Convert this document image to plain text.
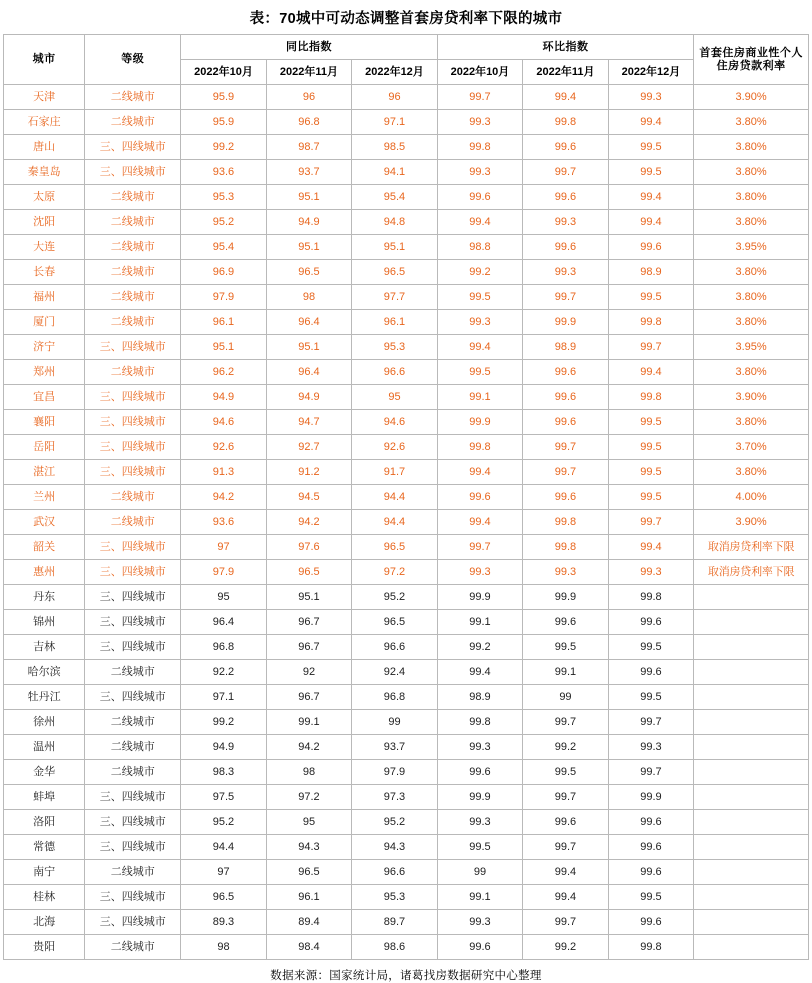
表：70城中可动态调整首套房贷利率下限的城市
城市	等级	同比指数			环比指数			首套住房商业性个人住房贷款利率
		2022年10月	2022年11月	2022年12月	2022年10月	2022年11月	2022年12月	
天津	二线城市	95.9	96	96	99.7	99.4	99.3	3.90%
石家庄	二线城市	95.9	96.8	97.1	99.3	99.8	99.4	3.80%
唐山	三、四线城市	99.2	98.7	98.5	99.8	99.6	99.5	3.80%
秦皇岛	三、四线城市	93.6	93.7	94.1	99.3	99.7	99.5	3.80%
太原	二线城市	95.3	95.1	95.4	99.6	99.6	99.4	3.80%
沈阳	二线城市	95.2	94.9	94.8	99.4	99.3	99.4	3.80%
大连	二线城市	95.4	95.1	95.1	98.8	99.6	99.6	3.95%
长春	二线城市	96.9	96.5	96.5	99.2	99.3	98.9	3.80%
福州	二线城市	97.9	98	97.7	99.5	99.7	99.5	3.80%
厦门	二线城市	96.1	96.4	96.1	99.3	99.9	99.8	3.80%
济宁	三、四线城市	95.1	95.1	95.3	99.4	98.9	99.7	3.95%
郑州	二线城市	96.2	96.4	96.6	99.5	99.6	99.4	3.80%
宜昌	三、四线城市	94.9	94.9	95	99.1	99.6	99.8	3.90%
襄阳	三、四线城市	94.6	94.7	94.6	99.9	99.6	99.5	3.80%
岳阳	三、四线城市	92.6	92.7	92.6	99.8	99.7	99.5	3.70%
湛江	三、四线城市	91.3	91.2	91.7	99.4	99.7	99.5	3.80%
兰州	二线城市	94.2	94.5	94.4	99.6	99.6	99.5	4.00%
武汉	二线城市	93.6	94.2	94.4	99.4	99.8	99.7	3.90%
韶关	三、四线城市	97	97.6	96.5	99.7	99.8	99.4	取消房贷利率下限
惠州	三、四线城市	97.9	96.5	97.2	99.3	99.3	99.3	取消房贷利率下限
丹东	三、四线城市	95	95.1	95.2	99.9	99.9	99.8	
锦州	三、四线城市	96.4	96.7	96.5	99.1	99.6	99.6	
吉林	三、四线城市	96.8	96.7	96.6	99.2	99.5	99.5	
哈尔滨	二线城市	92.2	92	92.4	99.4	99.1	99.6	
牡丹江	三、四线城市	97.1	96.7	96.8	98.9	99	99.5	
徐州	二线城市	99.2	99.1	99	99.8	99.7	99.7	
温州	二线城市	94.9	94.2	93.7	99.3	99.2	99.3	
金华	二线城市	98.3	98	97.9	99.6	99.5	99.7	
蚌埠	三、四线城市	97.5	97.2	97.3	99.9	99.7	99.9	
洛阳	三、四线城市	95.2	95	95.2	99.3	99.6	99.6	
常德	三、四线城市	94.4	94.3	94.3	99.5	99.7	99.6	
南宁	二线城市	97	96.5	96.6	99	99.4	99.6	
桂林	三、四线城市	96.5	96.1	95.3	99.1	99.4	99.5	
北海	三、四线城市	89.3	89.4	89.7	99.3	99.7	99.6	
贵阳	二线城市	98	98.4	98.6	99.6	99.2	99.8	
数据来源：国家统计局，诸葛找房数据研究中心整理
